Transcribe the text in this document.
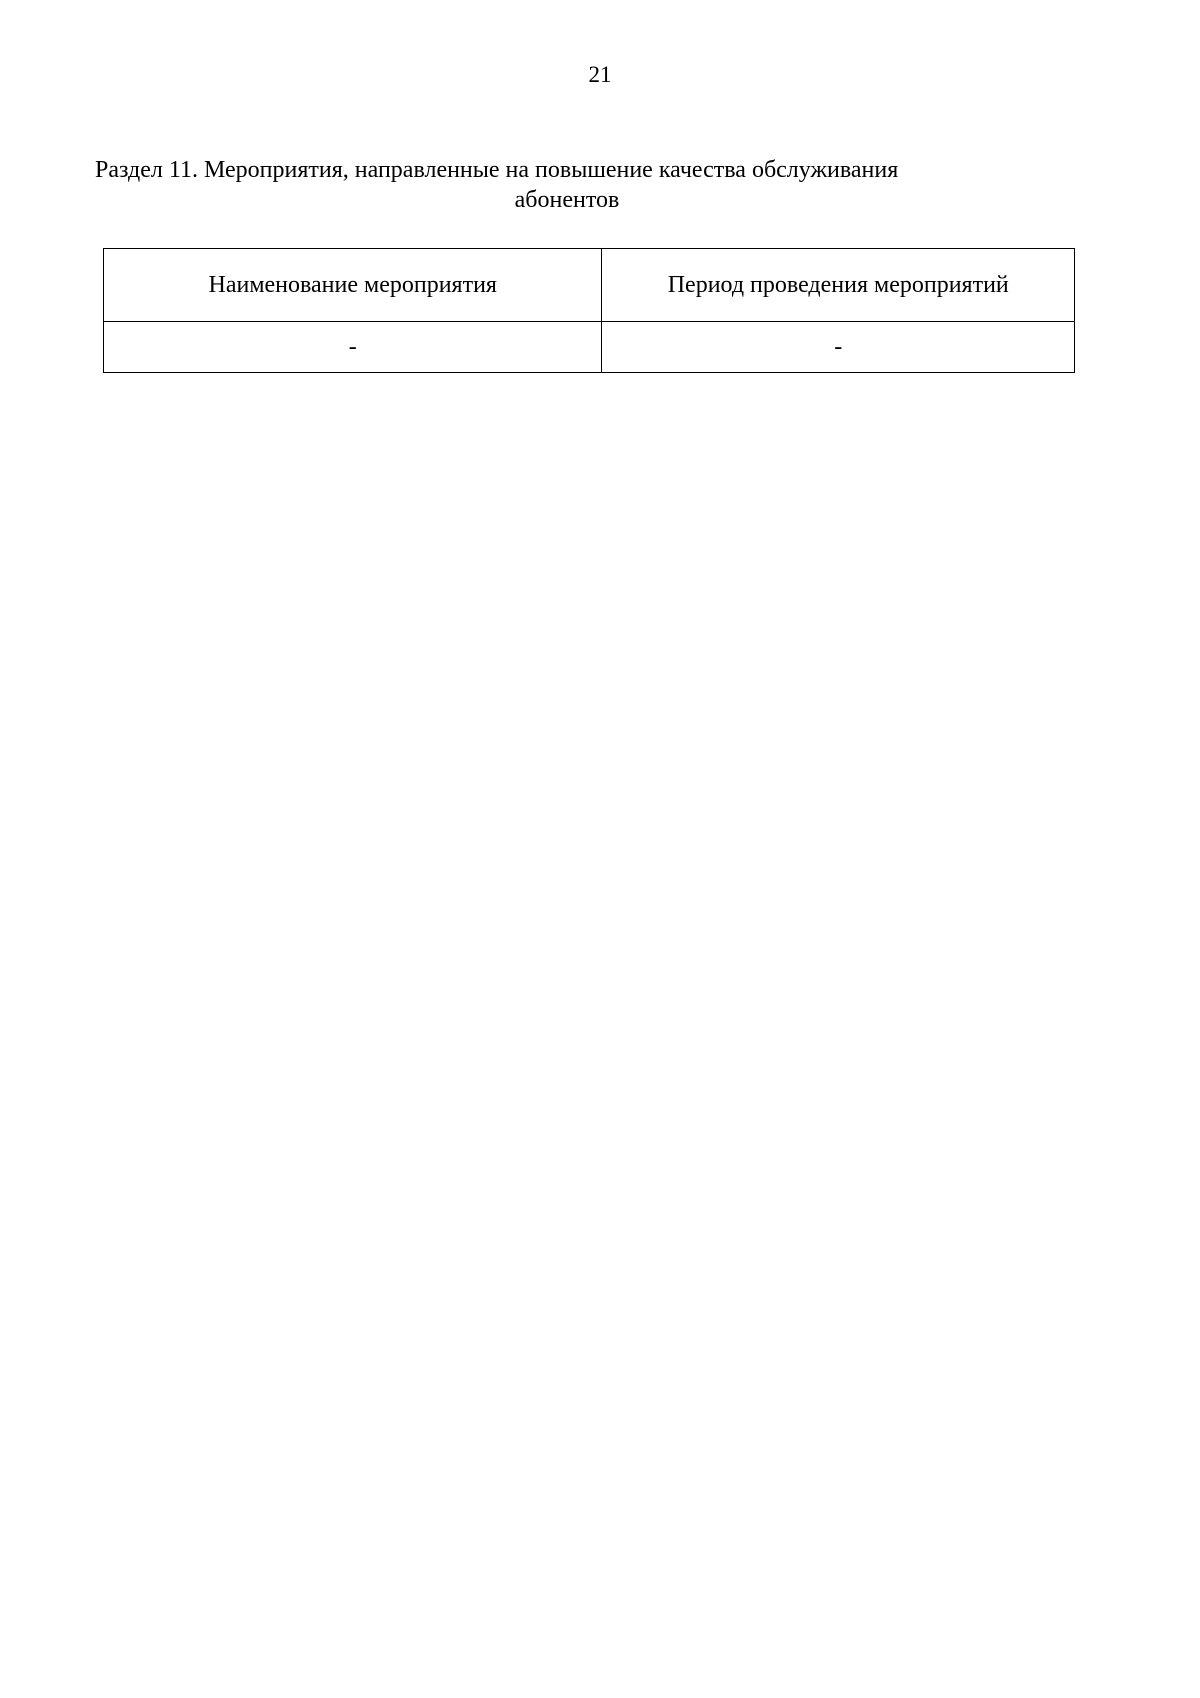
21
Раздел 11. Мероприятия, направленные на повышение качества обслуживания
абонентов
Наименование мероприятия	Период проведения мероприятий
-	-
